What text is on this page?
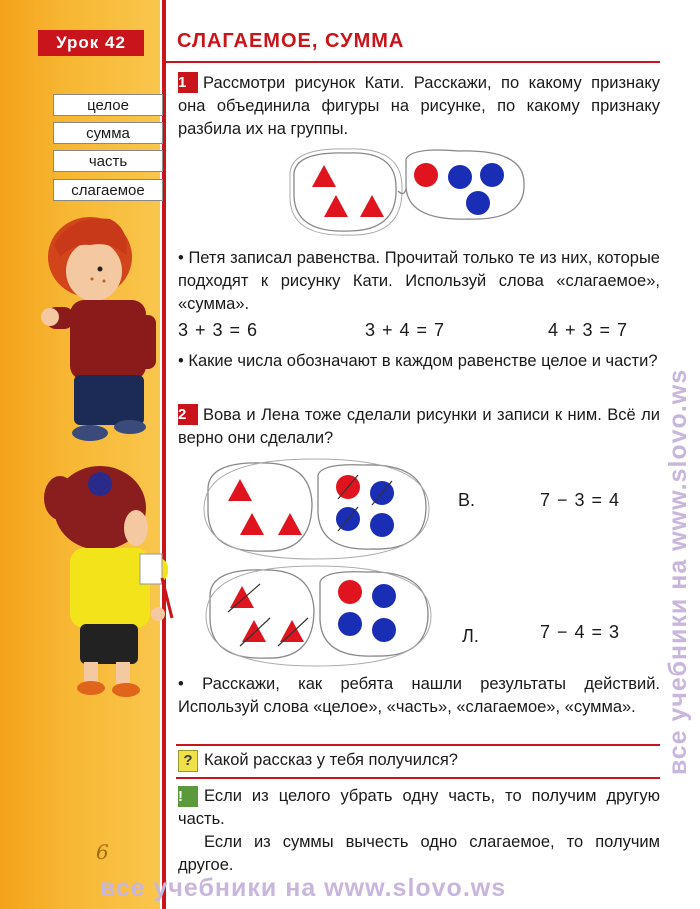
Урок 42	СЛАГАЕМОЕ, СУММА
целое
сумма
часть
слагаемое
1 Рассмотри рисунок Кати. Расскажи, по какому признаку она объединила фигуры на рисунке, по какому признаку разбила их на группы.
• Петя записал равенства. Прочитай только те из них, которые подходят к рисунку Кати. Используй слова «слагаемое», «сумма».
3 + 3 = 6	3 + 4 = 7	4 + 3 = 7
• Какие числа обозначают в каждом равенстве целое и части?
2 Вова и Лена тоже сделали рисунки и записи к ним. Всё ли верно они сделали?
В.	7 − 3 = 4
Л.	7 − 4 = 3
• Расскажи, как ребята нашли результаты действий. Используй слова «целое», «часть», «слагаемое», «сумма».
? Какой рассказ у тебя получился?
! Если из целого убрать одну часть, то получим другую часть.
Если из суммы вычесть одно слагаемое, то получим другое.
6
все учебники на www.slovo.ws
все учебники на www.slovo.ws
